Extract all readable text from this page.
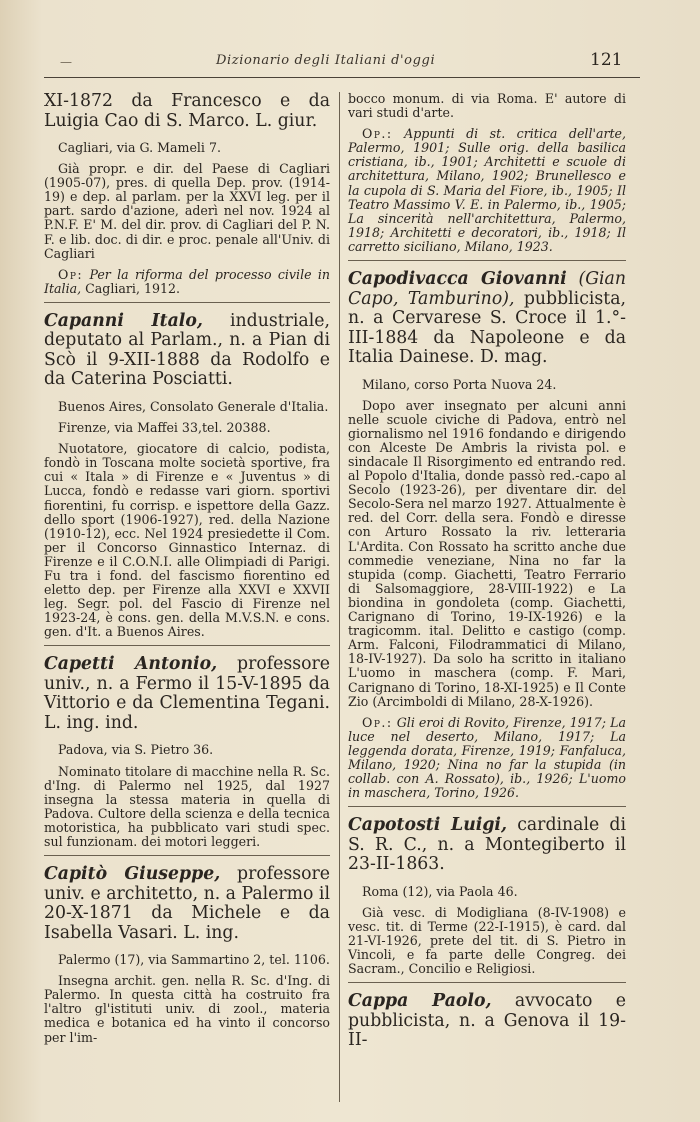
—	Dizionario degli Italiani d'oggi	121

XI-1872 da Francesco e da Luigia Cao di S. Marco. L. giur.

Cagliari, via G. Mameli 7.

Già propr. e dir. del Paese di Cagliari (1905-07), pres. di quella Dep. prov. (1914-19) e dep. al parlam. per la XXVI leg. per il part. sardo d'azione, aderì nel nov. 1924 al P.N.F. E' M. del dir. prov. di Cagliari del P. N. F. e lib. doc. di dir. e proc. penale all'Univ. di Cagliari

Op: Per la riforma del processo civile in Italia, Cagliari, 1912.

Capanni Italo, industriale, deputato al Parlam., n. a Pian di Scò il 9-XII-1888 da Rodolfo e da Caterina Posciatti.

Buenos Aires, Consolato Generale d'Italia.

Firenze, via Maffei 33,tel. 20388.

Nuotatore, giocatore di calcio, podista, fondò in Toscana molte società sportive, fra cui « Itala » di Firenze e « Juventus » di Lucca, fondò e redasse vari giorn. sportivi fiorentini, fu corrisp. e ispettore della Gazz. dello sport (1906-1927), red. della Nazione (1910-12), ecc. Nel 1924 presiedette il Com. per il Concorso Ginnastico Internaz. di Firenze e il C.O.N.I. alle Olimpiadi di Parigi. Fu tra i fond. del fascismo fiorentino ed eletto dep. per Firenze alla XXVI e XXVII leg. Segr. pol. del Fascio di Firenze nel 1923-24, è cons. gen. della M.V.S.N. e cons. gen. d'It. a Buenos Aires.

Capetti Antonio, professore univ., n. a Fermo il 15-V-1895 da Vittorio e da Clementina Tegani. L. ing. ind.

Padova, via S. Pietro 36.

Nominato titolare di macchine nella R. Sc. d'Ing. di Palermo nel 1925, dal 1927 insegna la stessa materia in quella di Padova. Cultore della scienza e della tecnica motoristica, ha pubblicato vari studi spec. sul funzionam. dei motori leggeri.

Capitò Giuseppe, professore univ. e architetto, n. a Palermo il 20-X-1871 da Michele e da Isabella Vasari. L. ing.

Palermo (17), via Sammartino 2, tel. 1106.

Insegna archit. gen. nella R. Sc. d'Ing. di Palermo. In questa città ha costruito fra l'altro gl'istituti univ. di zool., materia medica e botanica ed ha vinto il concorso per l'im-

bocco monum. di via Roma. E' autore di vari studi d'arte.

Op.: Appunti di st. critica dell'arte, Palermo, 1901; Sulle orig. della basilica cristiana, ib., 1901; Architetti e scuole di architettura, Milano, 1902; Brunellesco e la cupola di S. Maria del Fiore, ib., 1905; Il Teatro Massimo V. E. in Palermo, ib., 1905; La sincerità nell'architettura, Palermo, 1918; Architetti e decoratori, ib., 1918; Il carretto siciliano, Milano, 1923.

Capodivacca Giovanni (Gian Capo, Tamburino), pubblicista, n. a Cervarese S. Croce il 1.°-III-1884 da Napoleone e da Italia Dainese. D. mag.

Milano, corso Porta Nuova 24.

Dopo aver insegnato per alcuni anni nelle scuole civiche di Padova, entrò nel giornalismo nel 1916 fondando e dirigendo con Alceste De Ambris la rivista pol. e sindacale Il Risorgimento ed entrando red. al Popolo d'Italia, donde passò red.-capo al Secolo (1923-26), per diventare dir. del Secolo-Sera nel marzo 1927. Attualmente è red. del Corr. della sera. Fondò e diresse con Arturo Rossato la riv. letteraria L'Ardita. Con Rossato ha scritto anche due commedie veneziane, Nina no far la stupida (comp. Giachetti, Teatro Ferrario di Salsomaggiore, 28-VIII-1922) e La biondina in gondoleta (comp. Giachetti, Carignano di Torino, 19-IX-1926) e la tragicomm. ital. Delitto e castigo (comp. Arm. Falconi, Filodrammatici di Milano, 18-IV-1927). Da solo ha scritto in italiano L'uomo in maschera (comp. F. Mari, Carignano di Torino, 18-XI-1925) e Il Conte Zio (Arcimboldi di Milano, 28-X-1926).

Op.: Gli eroi di Rovito, Firenze, 1917; La luce nel deserto, Milano, 1917; La leggenda dorata, Firenze, 1919; Fanfaluca, Milano, 1920; Nina no far la stupida (in collab. con A. Rossato), ib., 1926; L'uomo in maschera, Torino, 1926.

Capotosti Luigi, cardinale di S. R. C., n. a Montegiberto il 23-II-1863.

Roma (12), via Paola 46.

Già vesc. di Modigliana (8-IV-1908) e vesc. tit. di Terme (22-I-1915), è card. dal 21-VI-1926, prete del tit. di S. Pietro in Vincoli, e fa parte delle Congreg. dei Sacram., Concilio e Religiosi.

Cappa Paolo, avvocato e pubblicista, n. a Genova il 19-II-
